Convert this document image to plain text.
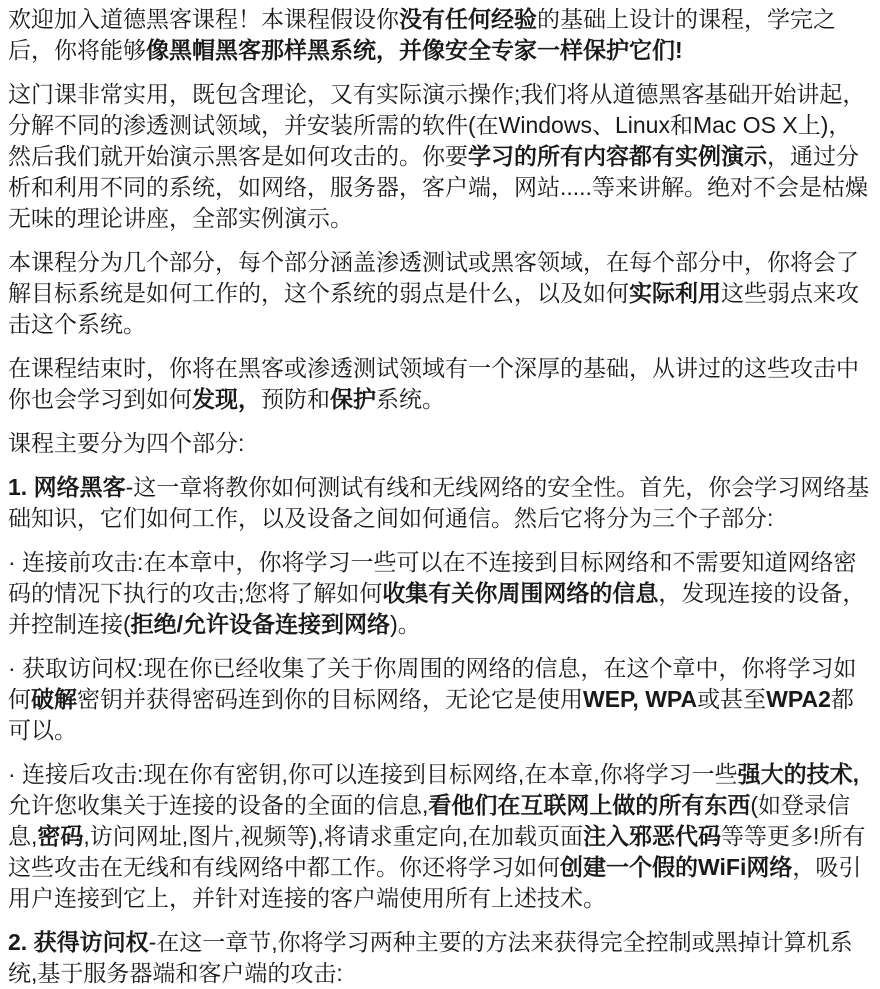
欢迎加入道德黑客课程！本课程假设你没有任何经验的基础上设计的课程，学完之后，你将能够像黑帽黑客那样黑系统，并像安全专家一样保护它们!

这门课非常实用，既包含理论，又有实际演示操作;我们将从道德黑客基础开始讲起，分解不同的渗透测试领域，并安装所需的软件(在Windows、Linux和Mac OS X上)，然后我们就开始演示黑客是如何攻击的。你要学习的所有内容都有实例演示，通过分析和利用不同的系统，如网络，服务器，客户端，网站.....等来讲解。绝对不会是枯燥无味的理论讲座，全部实例演示。

本课程分为几个部分，每个部分涵盖渗透测试或黑客领域，在每个部分中，你将会了解目标系统是如何工作的，这个系统的弱点是什么，以及如何实际利用这些弱点来攻击这个系统。

在课程结束时，你将在黑客或渗透测试领域有一个深厚的基础，从讲过的这些攻击中你也会学习到如何发现，预防和保护系统。

课程主要分为四个部分:

1. 网络黑客-这一章将教你如何测试有线和无线网络的安全性。首先，你会学习网络基础知识，它们如何工作，以及设备之间如何通信。然后它将分为三个子部分:

· 连接前攻击:在本章中，你将学习一些可以在不连接到目标网络和不需要知道网络密码的情况下执行的攻击;您将了解如何收集有关你周围网络的信息，发现连接的设备，并控制连接(拒绝/允许设备连接到网络)。

· 获取访问权:现在你已经收集了关于你周围的网络的信息，在这个章中，你将学习如何破解密钥并获得密码连到你的目标网络，无论它是使用WEP, WPA或甚至WPA2都可以。

· 连接后攻击:现在你有密钥,你可以连接到目标网络,在本章,你将学习一些强大的技术,允许您收集关于连接的设备的全面的信息,看他们在互联网上做的所有东西(如登录信息,密码,访问网址,图片,视频等),将请求重定向,在加载页面注入邪恶代码等等更多!所有这些攻击在无线和有线网络中都工作。你还将学习如何创建一个假的WiFi网络，吸引用户连接到它上，并针对连接的客户端使用所有上述技术。

2. 获得访问权-在这一章节,你将学习两种主要的方法来获得完全控制或黑掉计算机系统,基于服务器端和客户端的攻击:
